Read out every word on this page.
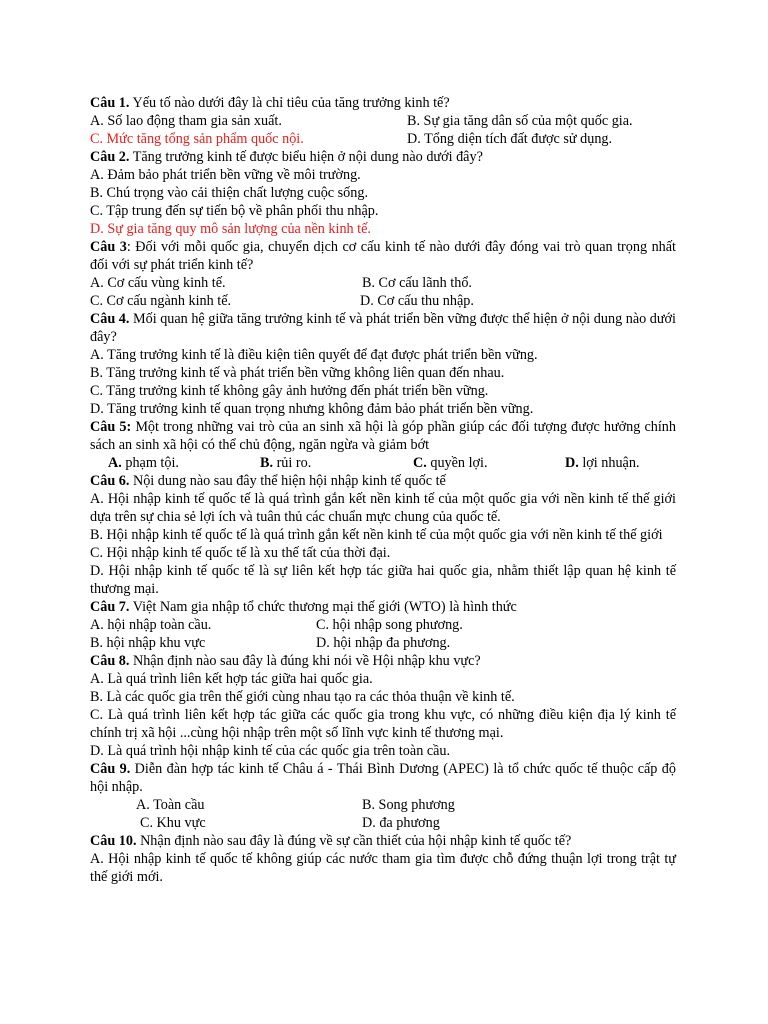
Câu 1. Yếu tố nào dưới đây là chỉ tiêu của tăng trưởng kinh tế?
A. Số lao động tham gia sản xuất.	B. Sự gia tăng dân số của một quốc gia.
C. Mức tăng tổng sản phẩm quốc nội.	D. Tổng diện tích đất được sử dụng.
Câu 2. Tăng trưởng kinh tế được biểu hiện ở nội dung nào dưới đây?
A. Đảm bảo phát triển bền vững về môi trường.
B. Chú trọng vào cải thiện chất lượng cuộc sống.
C. Tập trung đến sự tiến bộ về phân phối thu nhập.
D. Sự gia tăng quy mô sản lượng của nền kinh tế.
Câu 3: Đối với mỗi quốc gia, chuyển dịch cơ cấu kinh tế nào dưới đây đóng vai trò quan trọng nhất đối với sự phát triển kinh tế?
A. Cơ cấu vùng kinh tế.	B. Cơ cấu lãnh thổ.
C. Cơ cấu ngành kinh tế.	D. Cơ cấu thu nhập.
Câu 4. Mối quan hệ giữa tăng trưởng kinh tế và phát triển bền vững được thể hiện ở nội dung nào dưới đây?
A. Tăng trưởng kinh tế là điều kiện tiên quyết để đạt được phát triển bền vững.
B. Tăng trưởng kinh tế và phát triển bền vững không liên quan đến nhau.
C. Tăng trưởng kinh tế không gây ảnh hưởng đến phát triển bền vững.
D. Tăng trưởng kinh tế quan trọng nhưng không đảm bảo phát triển bền vững.
Câu 5: Một trong những vai trò của an sinh xã hội là góp phần giúp các đối tượng được hưởng chính sách an sinh xã hội có thể chủ động, ngăn ngừa và giảm bớt
A. phạm tội.	B. rủi ro.	C. quyền lợi.	D. lợi nhuận.
Câu 6. Nội dung nào sau đây thể hiện hội nhập kinh tế quốc tế
A. Hội nhập kinh tế quốc tế là quá trình gắn kết nền kinh tế của một quốc gia với nền kinh tế thế giới dựa trên sự chia sẻ lợi ích và tuân thủ các chuẩn mực chung của quốc tế.
B. Hội nhập kinh tế quốc tế là quá trình gắn kết nền kinh tế của một quốc gia với nền kinh tế thế giới
C. Hội nhập kinh tế quốc tế là xu thế tất của thời đại.
D. Hội nhập kinh tế quốc tế là sự liên kết hợp tác giữa hai quốc gia, nhằm thiết lập quan hệ kinh tế thương mại.
Câu 7. Việt Nam gia nhập tổ chức thương mại thế giới (WTO) là hình thức
A. hội nhập toàn cầu.	C. hội nhập song phương.
B. hội nhập khu vực	D. hội nhập đa phương.
Câu 8. Nhận định nào sau đây là đúng khi nói về Hội nhập khu vực?
A. Là quá trình liên kết hợp tác giữa hai quốc gia.
B. Là các quốc gia trên thế giới cùng nhau tạo ra các thỏa thuận về kinh tế.
C. Là quá trình liên kết hợp tác giữa các quốc gia trong khu vực, có những điều kiện địa lý kinh tế chính trị xã hội ...cùng hội nhập trên một số lĩnh vực kinh tế thương mại.
D. Là quá trình hội nhập kinh tế của các quốc gia trên toàn cầu.
Câu 9. Diễn đàn hợp tác kinh tế Châu á - Thái Bình Dương (APEC) là tổ chức quốc tế thuộc cấp độ hội nhập.
A. Toàn cầu	B. Song phương
C. Khu vực	D. đa phương
Câu 10. Nhận định nào sau đây là đúng về sự cần thiết của hội nhập kinh tế quốc tế?
A. Hội nhập kinh tế quốc tế không giúp các nước tham gia tìm được chỗ đứng thuận lợi trong trật tự thế giới mới.
